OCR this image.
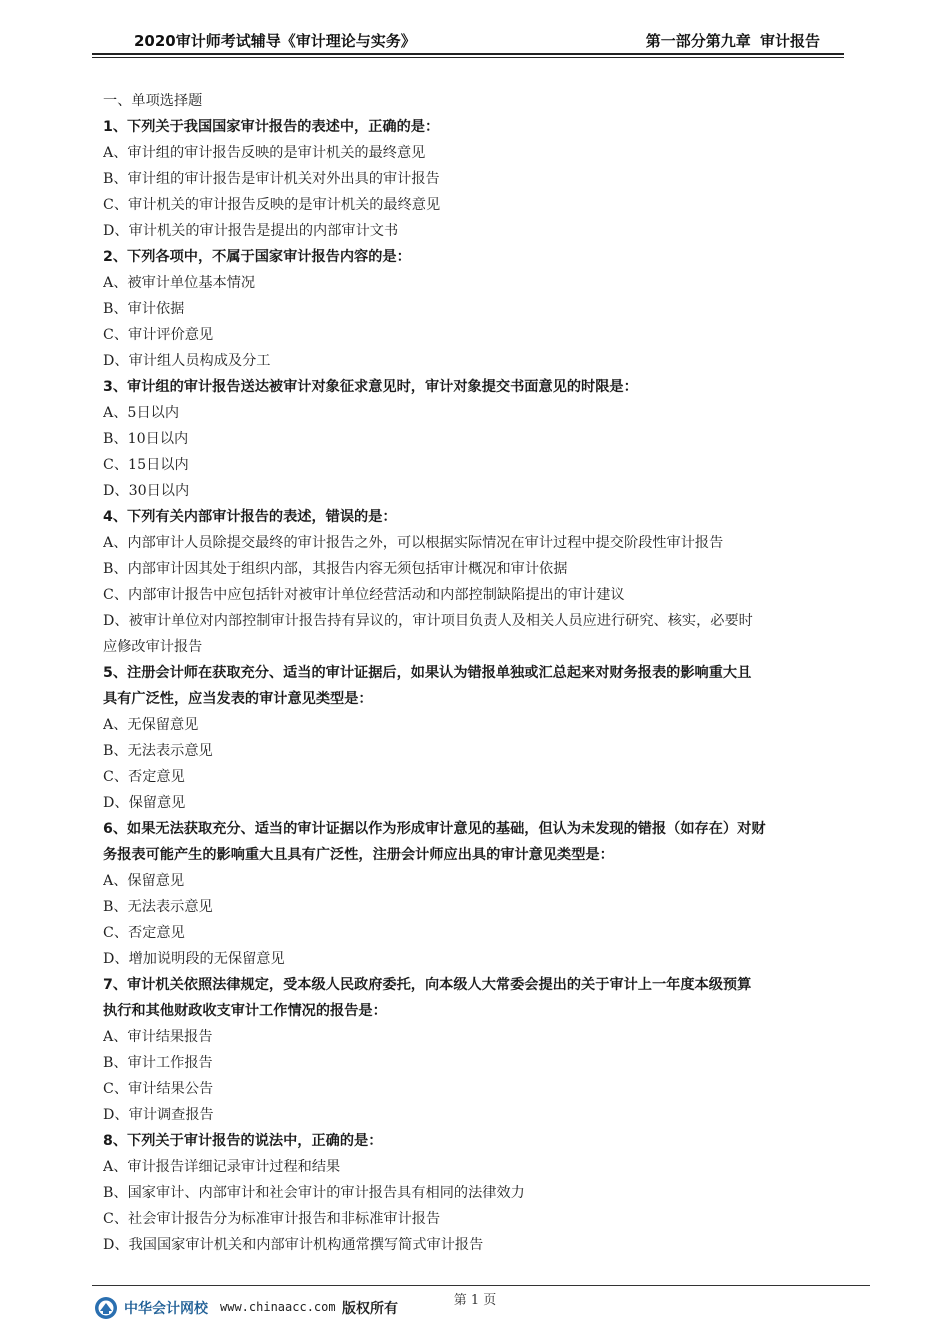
2020审计师考试辅导《审计理论与实务》	第一部分第九章 审计报告
一、单项选择题
1、下列关于我国国家审计报告的表述中，正确的是：
A、审计组的审计报告反映的是审计机关的最终意见
B、审计组的审计报告是审计机关对外出具的审计报告
C、审计机关的审计报告反映的是审计机关的最终意见
D、审计机关的审计报告是提出的内部审计文书
2、下列各项中，不属于国家审计报告内容的是：
A、被审计单位基本情况
B、审计依据
C、审计评价意见
D、审计组人员构成及分工
3、审计组的审计报告送达被审计对象征求意见时，审计对象提交书面意见的时限是：
A、5日以内
B、10日以内
C、15日以内
D、30日以内
4、下列有关内部审计报告的表述，错误的是：
A、内部审计人员除提交最终的审计报告之外，可以根据实际情况在审计过程中提交阶段性审计报告
B、内部审计因其处于组织内部，其报告内容无须包括审计概况和审计依据
C、内部审计报告中应包括针对被审计单位经营活动和内部控制缺陷提出的审计建议
D、被审计单位对内部控制审计报告持有异议的，审计项目负责人及相关人员应进行研究、核实，必要时
应修改审计报告
5、注册会计师在获取充分、适当的审计证据后，如果认为错报单独或汇总起来对财务报表的影响重大且
具有广泛性，应当发表的审计意见类型是：
A、无保留意见
B、无法表示意见
C、否定意见
D、保留意见
6、如果无法获取充分、适当的审计证据以作为形成审计意见的基础，但认为未发现的错报（如存在）对财
务报表可能产生的影响重大且具有广泛性，注册会计师应出具的审计意见类型是：
A、保留意见
B、无法表示意见
C、否定意见
D、增加说明段的无保留意见
7、审计机关依照法律规定，受本级人民政府委托，向本级人大常委会提出的关于审计上一年度本级预算
执行和其他财政收支审计工作情况的报告是：
A、审计结果报告
B、审计工作报告
C、审计结果公告
D、审计调查报告
8、下列关于审计报告的说法中，正确的是：
A、审计报告详细记录审计过程和结果
B、国家审计、内部审计和社会审计的审计报告具有相同的法律效力
C、社会审计报告分为标准审计报告和非标准审计报告
D、我国国家审计机关和内部审计机构通常撰写简式审计报告
第 1 页
中华会计网校 www.chinaacc.com 版权所有
